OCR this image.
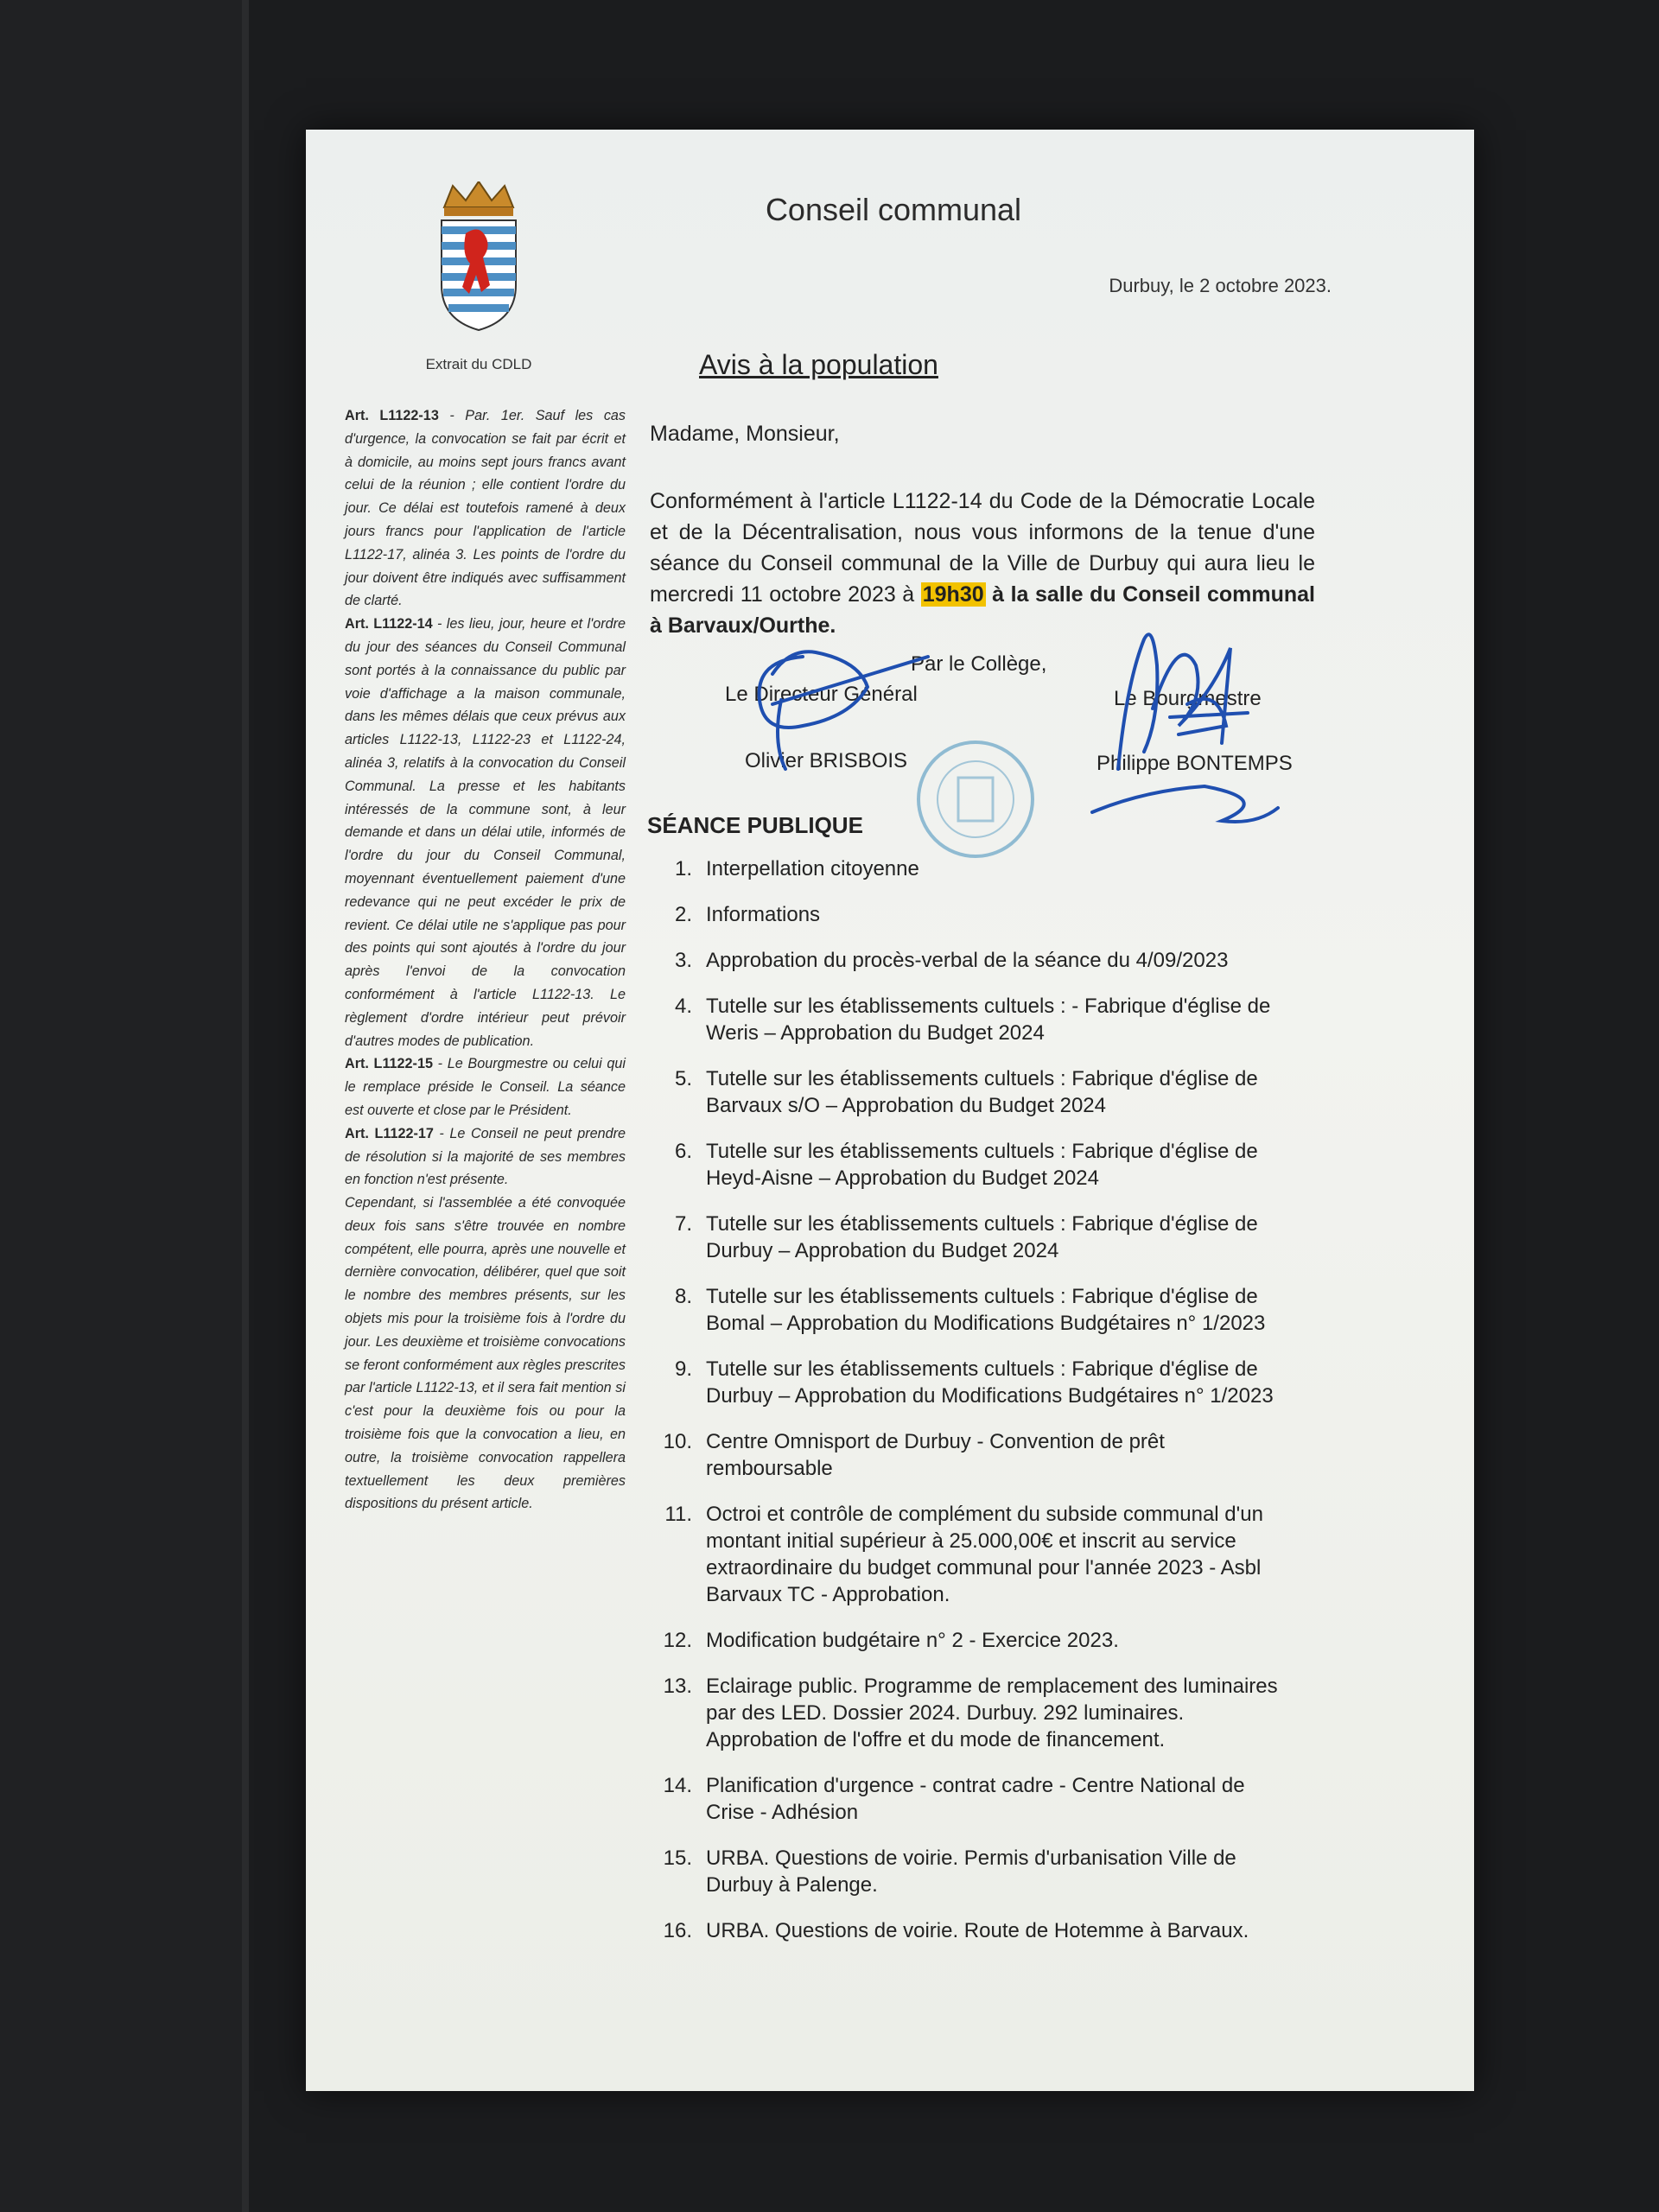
Extrait du CDLD

Art. L1122-13 - Par. 1er. Sauf les cas d'urgence, la convocation se fait par écrit et à domicile, au moins sept jours francs avant celui de la réunion ; elle contient l'ordre du jour. Ce délai est toutefois ramené à deux jours francs pour l'application de l'article L1122-17, alinéa 3. Les points de l'ordre du jour doivent être indiqués avec suffisamment de clarté.

Art. L1122-14 - les lieu, jour, heure et l'ordre du jour des séances du Conseil Communal sont portés à la connaissance du public par voie d'affichage a la maison communale, dans les mêmes délais que ceux prévus aux articles L1122-13, L1122-23 et L1122-24, alinéa 3, relatifs à la convocation du Conseil Communal. La presse et les habitants intéressés de la commune sont, à leur demande et dans un délai utile, informés de l'ordre du jour du Conseil Communal, moyennant éventuellement paiement d'une redevance qui ne peut excéder le prix de revient. Ce délai utile ne s'applique pas pour des points qui sont ajoutés à l'ordre du jour après l'envoi de la convocation conformément à l'article L1122-13. Le règlement d'ordre intérieur peut prévoir d'autres modes de publication.

Art. L1122-15 - Le Bourgmestre ou celui qui le remplace préside le Conseil. La séance est ouverte et close par le Président.

Art. L1122-17 - Le Conseil ne peut prendre de résolution si la majorité de ses membres en fonction n'est présente.

Cependant, si l'assemblée a été convoquée deux fois sans s'être trouvée en nombre compétent, elle pourra, après une nouvelle et dernière convocation, délibérer, quel que soit le nombre des membres présents, sur les objets mis pour la troisième fois à l'ordre du jour. Les deuxième et troisième convocations se feront conformément aux règles prescrites par l'article L1122-13, et il sera fait mention si c'est pour la deuxième fois ou pour la troisième fois que la convocation a lieu, en outre, la troisième convocation rappellera textuellement les deux premières dispositions du présent article.

Conseil communal
Durbuy, le 2 octobre 2023.
Avis à la population
Madame, Monsieur,
Conformément à l'article L1122-14 du Code de la Démocratie Locale et de la Décentralisation, nous vous informons de la tenue d'une séance du Conseil communal de la Ville de Durbuy qui aura lieu le mercredi 11 octobre 2023 à 19h30 à la salle du Conseil communal à Barvaux/Ourthe.
Par le Collège,
Le Directeur Général
Olivier BRISBOIS
Le Bourgmestre
Philippe BONTEMPS
SÉANCE PUBLIQUE
1. Interpellation citoyenne
2. Informations
3. Approbation du procès-verbal de la séance du 4/09/2023
4. Tutelle sur les établissements cultuels : - Fabrique d'église de Weris – Approbation du Budget 2024
5. Tutelle sur les établissements cultuels : Fabrique d'église de Barvaux s/O – Approbation du Budget 2024
6. Tutelle sur les établissements cultuels : Fabrique d'église de Heyd-Aisne – Approbation du Budget 2024
7. Tutelle sur les établissements cultuels : Fabrique d'église de Durbuy – Approbation du Budget 2024
8. Tutelle sur les établissements cultuels : Fabrique d'église de Bomal – Approbation du Modifications Budgétaires n° 1/2023
9. Tutelle sur les établissements cultuels : Fabrique d'église de Durbuy – Approbation du Modifications Budgétaires n° 1/2023
10. Centre Omnisport de Durbuy - Convention de prêt remboursable
11. Octroi et contrôle de complément du subside communal d'un montant initial supérieur à 25.000,00€ et inscrit au service extraordinaire du budget communal pour l'année 2023 - Asbl Barvaux TC - Approbation.
12. Modification budgétaire n° 2 - Exercice 2023.
13. Eclairage public. Programme de remplacement des luminaires par des LED. Dossier 2024. Durbuy. 292 luminaires. Approbation de l'offre et du mode de financement.
14. Planification d'urgence - contrat cadre - Centre National de Crise - Adhésion
15. URBA. Questions de voirie. Permis d'urbanisation Ville de Durbuy à Palenge.
16. URBA. Questions de voirie. Route de Hotemme à Barvaux.
